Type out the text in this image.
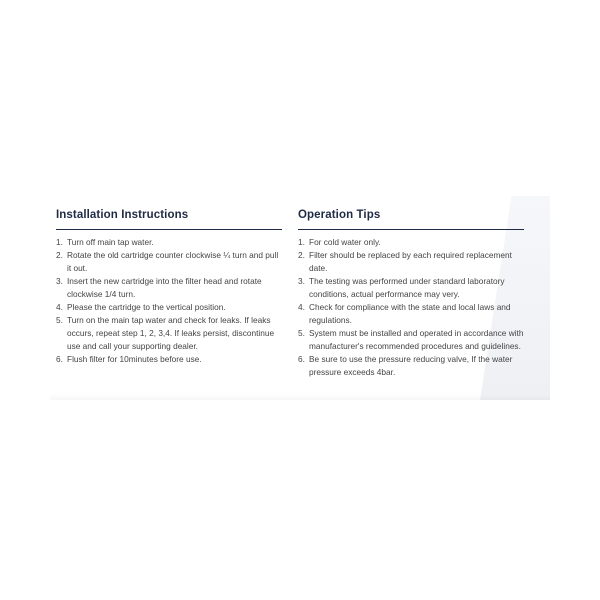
Installation Instructions
1. Turn off main tap water.
2. Rotate the old cartridge counter clockwise ¼ turn and pull it out.
3. Insert the new cartridge into the filter head and rotate clockwise 1/4 turn.
4. Please the cartridge to the vertical position.
5. Turn on the main tap water and check for leaks. If leaks occurs, repeat step 1, 2, 3,4. If leaks persist, discontinue use and call your supporting dealer.
6. Flush filter for 10minutes before use.
Operation Tips
1. For cold water only.
2. Filter should be replaced by each required replacement date.
3. The testing was performed under standard laboratory conditions, actual performance may very.
4. Check for compliance with the state and local laws and regulations.
5. System must be installed and operated in accordance with manufacturer's recommended procedures and guidelines.
6. Be sure to use the pressure reducing valve, If the water pressure exceeds 4bar.
